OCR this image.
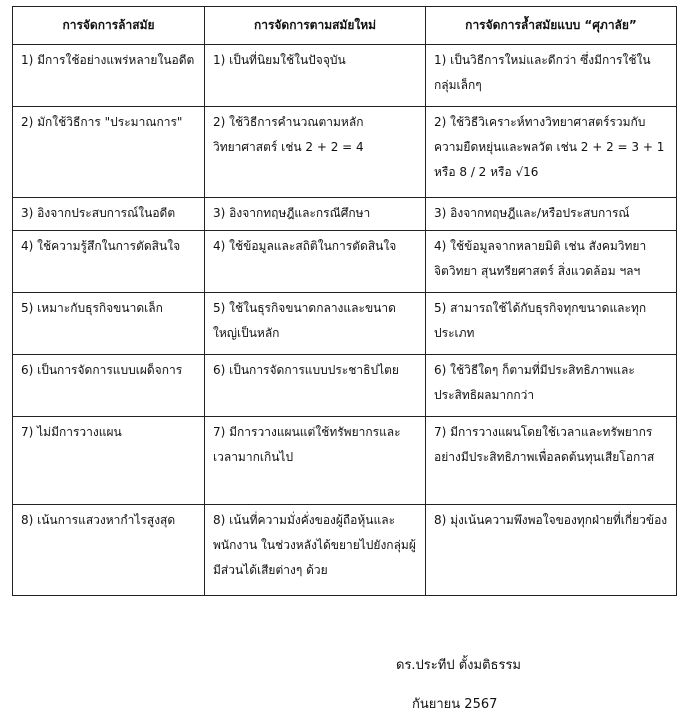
การจัดการล้าสมัย	การจัดการตามสมัยใหม่	การจัดการล้ำสมัยแบบ “ศุภาลัย”
1) มีการใช้อย่างแพร่หลายในอดีต	1) เป็นที่นิยมใช้ในปัจจุบัน	1) เป็นวิธีการใหม่และดีกว่า ซึ่งมีการใช้ในกลุ่มเล็กๆ
2) มักใช้วิธีการ "ประมาณการ"	2) ใช้วิธีการคำนวณตามหลักวิทยาศาสตร์ เช่น 2 + 2 = 4	2) ใช้วิธีวิเคราะห์ทางวิทยาศาสตร์รวมกับความยืดหยุ่นและพลวัต เช่น 2 + 2 = 3 + 1 หรือ 8 / 2 หรือ √16
3) อิงจากประสบการณ์ในอดีต	3) อิงจากทฤษฎีและกรณีศึกษา	3) อิงจากทฤษฎีและ/หรือประสบการณ์
4) ใช้ความรู้สึกในการตัดสินใจ	4) ใช้ข้อมูลและสถิติในการตัดสินใจ	4) ใช้ข้อมูลจากหลายมิติ เช่น สังคมวิทยา จิตวิทยา สุนทรียศาสตร์ สิ่งแวดล้อม ฯลฯ
5) เหมาะกับธุรกิจขนาดเล็ก	5) ใช้ในธุรกิจขนาดกลางและขนาดใหญ่เป็นหลัก	5) สามารถใช้ได้กับธุรกิจทุกขนาดและทุกประเภท
6) เป็นการจัดการแบบเผด็จการ	6) เป็นการจัดการแบบประชาธิปไตย	6) ใช้วิธีใดๆ ก็ตามที่มีประสิทธิภาพและประสิทธิผลมากกว่า
7) ไม่มีการวางแผน	7) มีการวางแผนแต่ใช้ทรัพยากรและเวลามากเกินไป	7) มีการวางแผนโดยใช้เวลาและทรัพยากรอย่างมีประสิทธิภาพเพื่อลดต้นทุนเสียโอกาส
8) เน้นการแสวงหากำไรสูงสุด	8) เน้นที่ความมั่งคั่งของผู้ถือหุ้นและพนักงาน ในช่วงหลังได้ขยายไปยังกลุ่มผู้มีส่วนได้เสียต่างๆ ด้วย	8) มุ่งเน้นความพึงพอใจของทุกฝ่ายที่เกี่ยวข้อง
ดร.ประทีป ตั้งมติธรรม
กันยายน 2567
